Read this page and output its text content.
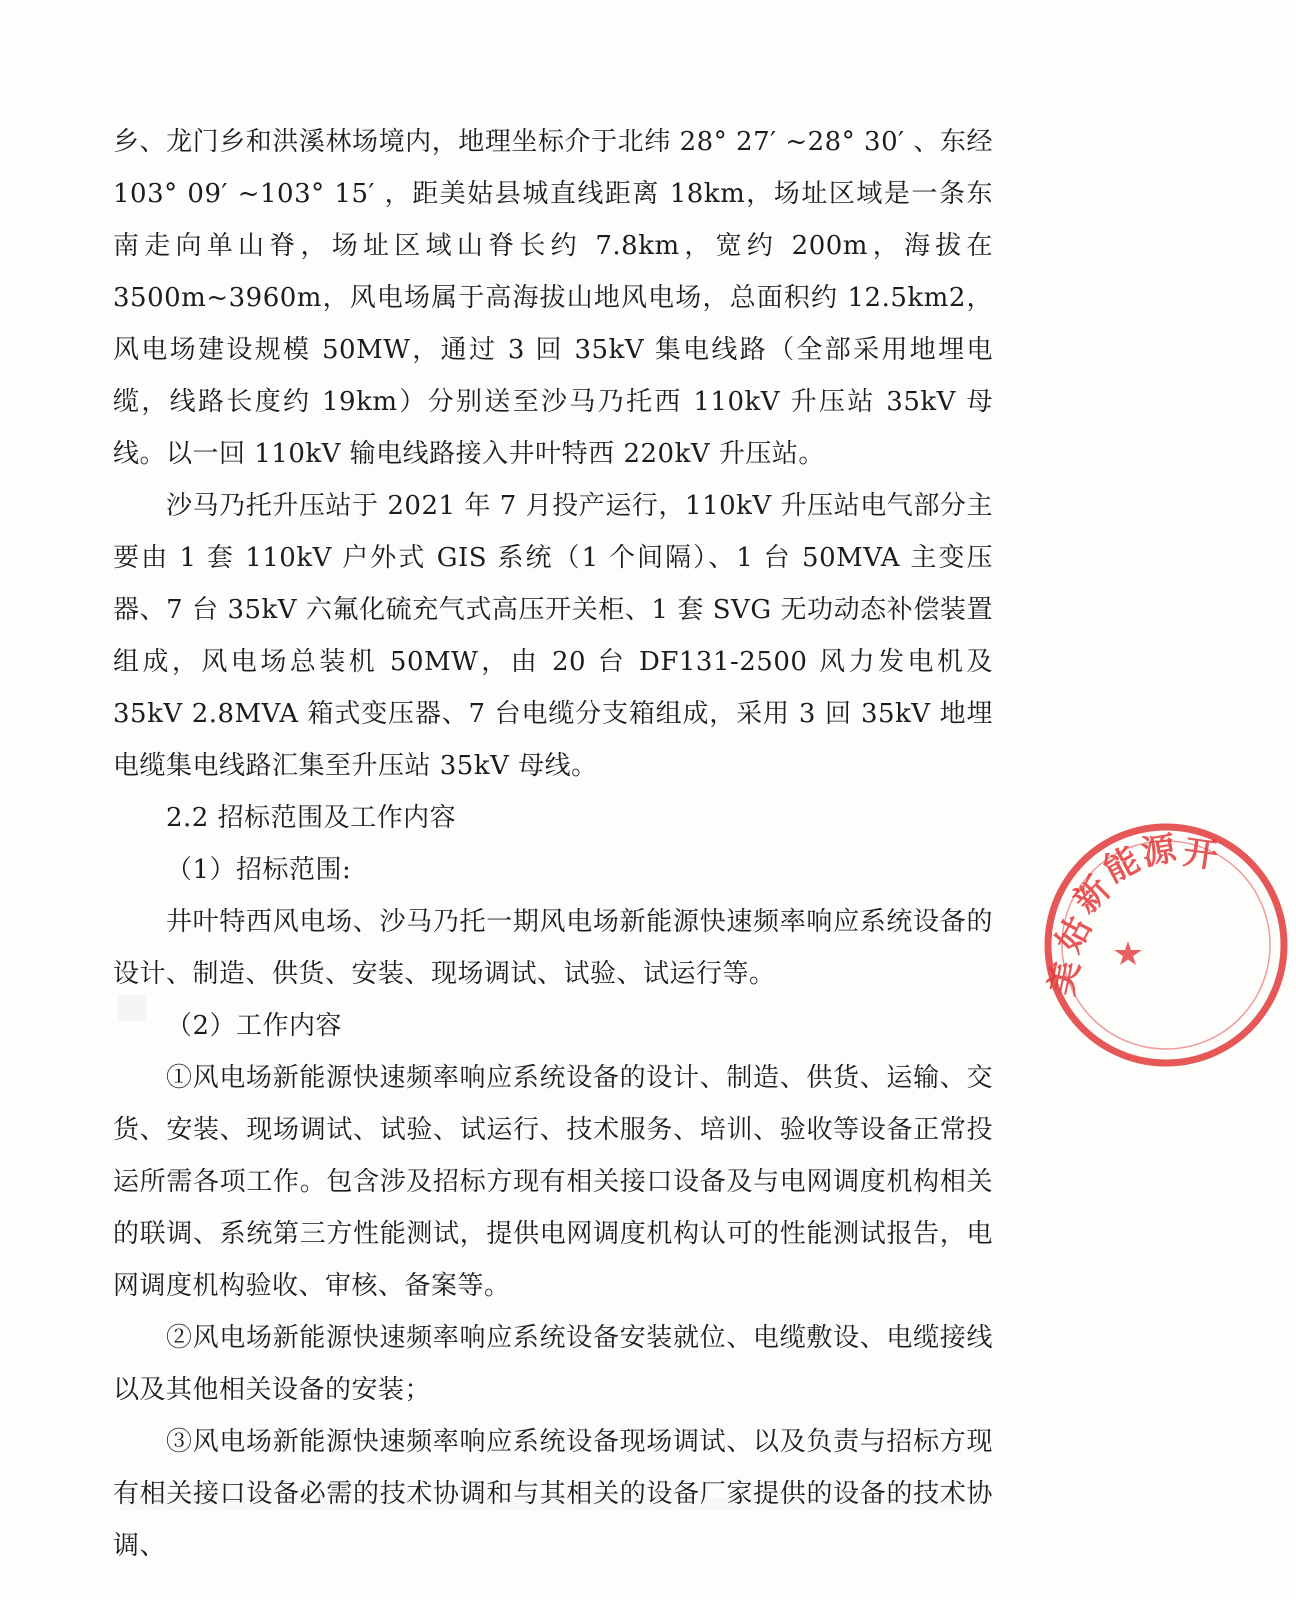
乡、龙门乡和洪溪林场境内，地理坐标介于北纬 28° 27′ ~28° 30′ 、东经 103° 09′ ~103° 15′ ，距美姑县城直线距离 18km，场址区域是一条东南走向单山脊，场址区域山脊长约 7.8km，宽约 200m，海拔在 3500m~3960m，风电场属于高海拔山地风电场，总面积约 12.5km2，风电场建设规模 50MW，通过 3 回 35kV 集电线路（全部采用地埋电缆，线路长度约 19km）分别送至沙马乃托西 110kV 升压站 35kV 母线。以一回 110kV 输电线路接入井叶特西 220kV 升压站。

沙马乃托升压站于 2021 年 7 月投产运行，110kV 升压站电气部分主要由 1 套 110kV 户外式 GIS 系统（1 个间隔）、1 台 50MVA 主变压器、7 台 35kV 六氟化硫充气式高压开关柜、1 套 SVG 无功动态补偿装置组成，风电场总装机 50MW，由 20 台 DF131-2500 风力发电机及 35kV 2.8MVA 箱式变压器、7 台电缆分支箱组成，采用 3 回 35kV 地埋电缆集电线路汇集至升压站 35kV 母线。

2.2 招标范围及工作内容

（1）招标范围:

井叶特西风电场、沙马乃托一期风电场新能源快速频率响应系统设备的设计、制造、供货、安装、现场调试、试验、试运行等。

（2）工作内容

①风电场新能源快速频率响应系统设备的设计、制造、供货、运输、交货、安装、现场调试、试验、试运行、技术服务、培训、验收等设备正常投运所需各项工作。包含涉及招标方现有相关接口设备及与电网调度机构相关的联调、系统第三方性能测试，提供电网调度机构认可的性能测试报告，电网调度机构验收、审核、备案等。

②风电场新能源快速频率响应系统设备安装就位、电缆敷设、电缆接线以及其他相关设备的安装；

③风电场新能源快速频率响应系统设备现场调试、以及负责与招标方现有相关接口设备必需的技术协调和与其相关的设备厂家提供的设备的技术协调、

美
姑
新
能
源 开
